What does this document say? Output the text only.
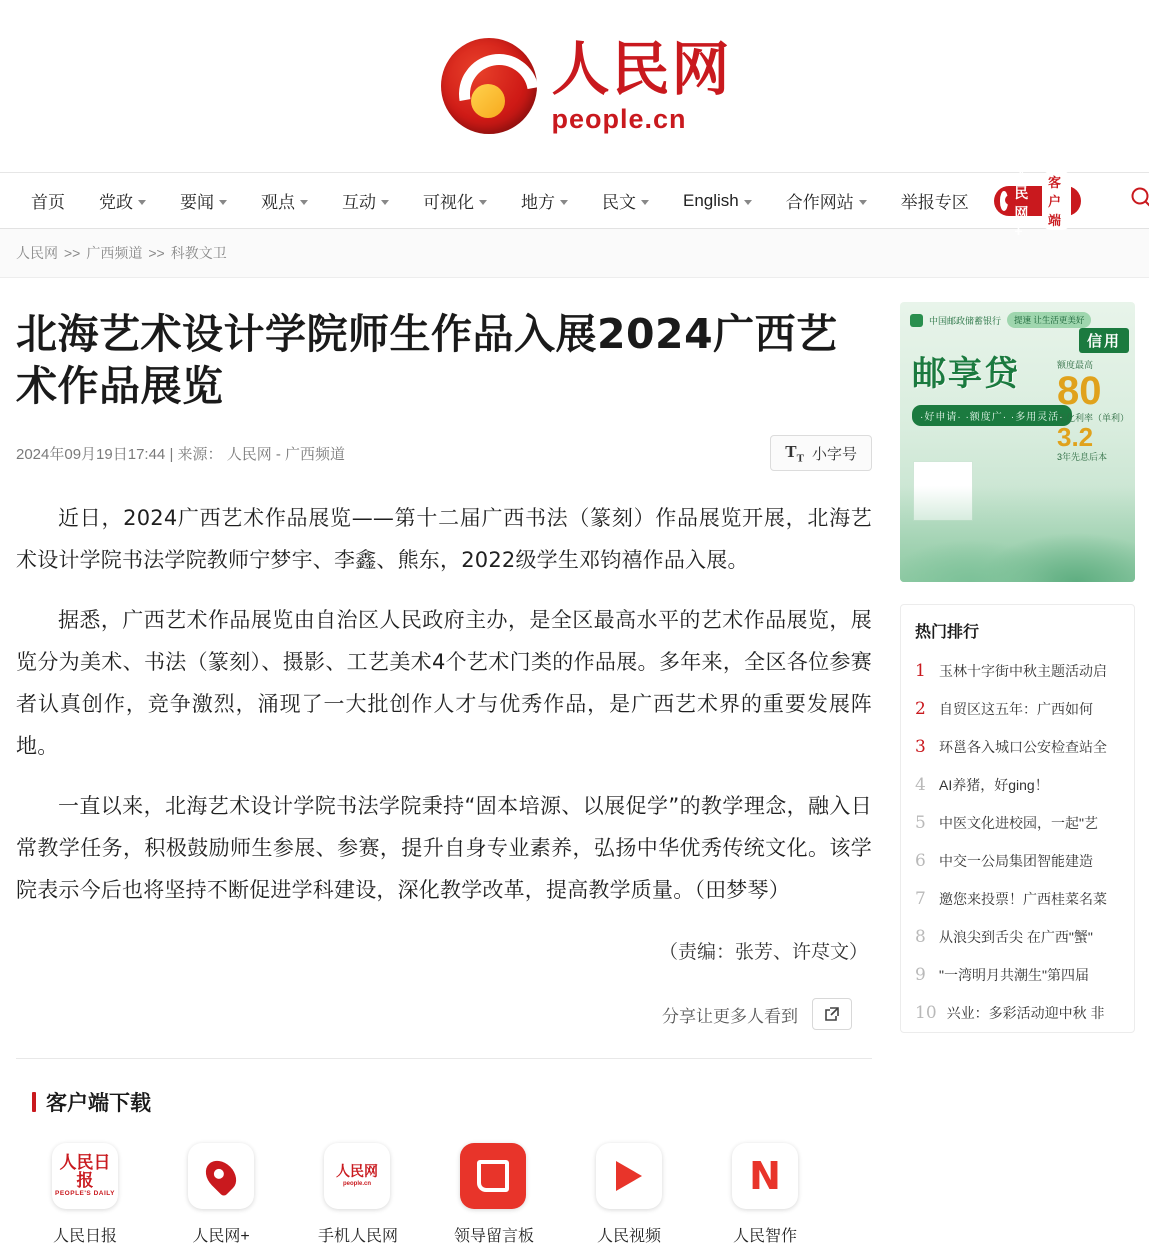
人民网
people.cn
首页 党政	要闻	观点	互动	可视化	地方	民文	English	合作网站	举报专区
人民网+
客户端
人民网 >> 广西频道 >> 科教文卫
北海艺术设计学院师生作品入展2024广西艺术作品展览
2024年09月19日17:44 | 来源： 人民网 - 广西频道	$T_T$ 小字号

近日，2024广西艺术作品展览——第十二届广西书法（篆刻）作品展览开展，北海艺术设计学院书法学院教师宁梦宇、李鑫、熊东，2022级学生邓钧禧作品入展。

据悉，广西艺术作品展览由自治区人民政府主办，是全区最高水平的艺术作品展览，展览分为美术、书法（篆刻）、摄影、工艺美术4个艺术门类的作品展。多年来，全区各位参赛者认真创作，竞争激烈，涌现了一大批创作人才与优秀作品，是广西艺术界的重要发展阵地。

一直以来，北海艺术设计学院书法学院秉持“固本培源、以展促学”的教学理念，融入日常教学任务，积极鼓励师生参展、参赛，提升自身专业素养，弘扬中华优秀传统文化。该学院表示今后也将坚持不断促进学科建设，深化教学改革，提高教学质量。（田梦琴）

（责编：张芳、许荩文）
分享让更多人看到
客户端下载
人民日报
PEOPLE'S DAILY
人民日报	人民网+
人民网
people.cn
手机人民网	领导留言板	人民视频
N
人民智作
中国邮政储蓄银行	提速 让生活更美好
邮享贷
·好申请· ·额度广· ·多用灵活·
信用
额度最高
80
年化利率（单利）
3.2
3年先息后本
热门排行
1 玉林十字街中秋主题活动启
2 自贸区这五年：广西如何
3 环邕各入城口公安检查站全
4 AI养猪，好ging！
5 中医文化进校园，一起"艺
6 中交一公局集团智能建造
7 邀您来投票！广西桂菜名菜
8 从浪尖到舌尖 在广西"蟹"
9 "一湾明月共潮生"第四届
10 兴业：多彩活动迎中秋 非
